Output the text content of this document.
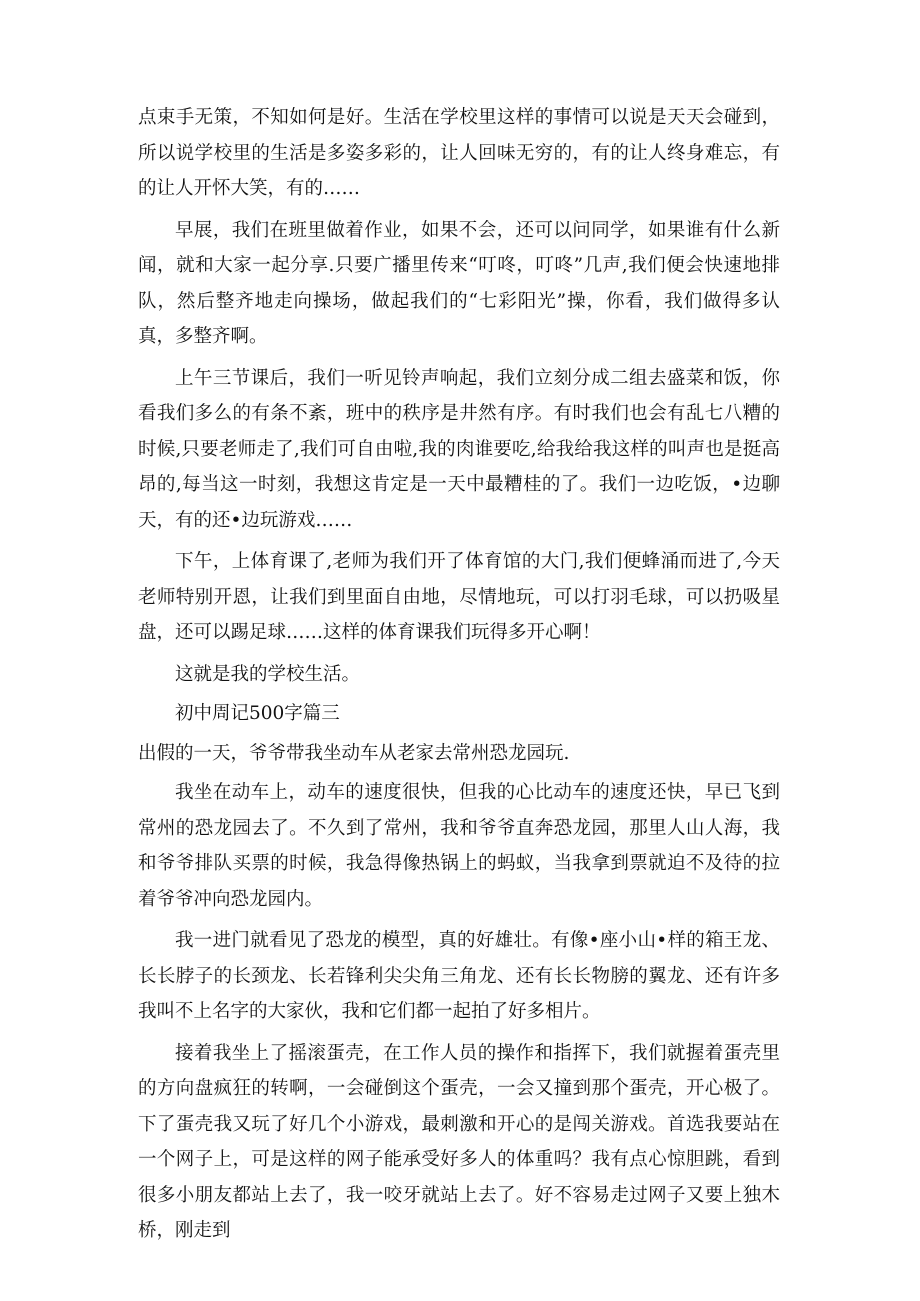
点束手无策，不知如何是好。生活在学校里这样的事情可以说是天天会碰到，所以说学校里的生活是多姿多彩的，让人回味无穷的，有的让人终身难忘，有的让人开怀大笑，有的……

早展，我们在班里做着作业，如果不会，还可以问同学，如果谁有什么新闻，就和大家一起分享.只要广播里传来“叮咚，叮咚”几声,我们便会快速地排队，然后整齐地走向操场，做起我们的“七彩阳光”操，你看，我们做得多认真，多整齐啊。

上午三节课后，我们一听见铃声响起，我们立刻分成二组去盛菜和饭，你看我们多么的有条不紊，班中的秩序是井然有序。有时我们也会有乱七八糟的时候,只要老师走了,我们可自由啦,我的肉谁要吃,给我给我这样的叫声也是挺高昂的,每当这一时刻，我想这肯定是一天中最糟桂的了。我们一边吃饭，•边聊天，有的还•边玩游戏……

下午，上体育课了,老师为我们开了体育馆的大门,我们便蜂涌而进了,今天老师特别开恩，让我们到里面自由地，尽情地玩，可以打羽毛球，可以扔吸星盘，还可以踢足球……这样的体育课我们玩得多开心啊！

这就是我的学校生活。

初中周记500字篇三

出假的一天，爷爷带我坐动车从老家去常州恐龙园玩.

我坐在动车上，动车的速度很快，但我的心比动车的速度还快，早已飞到常州的恐龙园去了。不久到了常州，我和爷爷直奔恐龙园，那里人山人海，我和爷爷排队买票的时候，我急得像热锅上的蚂蚁，当我拿到票就迫不及待的拉着爷爷冲向恐龙园内。

我一进门就看见了恐龙的模型，真的好雄壮。有像•座小山•样的箱王龙、长长脖子的长颈龙、长若锋利尖尖角三角龙、还有长长物膀的翼龙、还有许多我叫不上名字的大家伙，我和它们都一起拍了好多相片。

接着我坐上了摇滚蛋壳，在工作人员的操作和指挥下，我们就握着蛋壳里的方向盘疯狂的转啊，一会碰倒这个蛋壳，一会又撞到那个蛋壳，开心极了。下了蛋壳我又玩了好几个小游戏，最刺激和开心的是闯关游戏。首选我要站在一个网子上，可是这样的网子能承受好多人的体重吗？我有点心惊胆跳，看到很多小朋友都站上去了，我一咬牙就站上去了。好不容易走过网子又要上独木桥，刚走到
